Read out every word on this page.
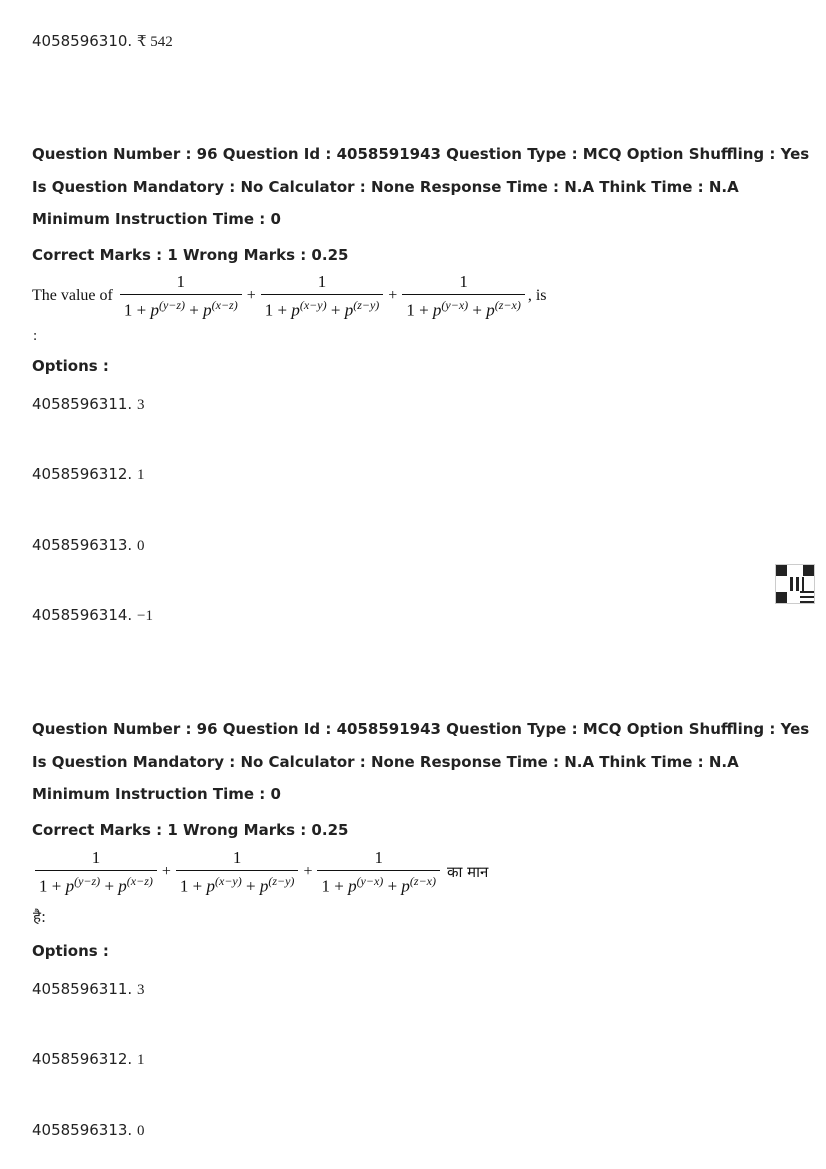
4058596310. ₹ 542
Question Number : 96 Question Id : 4058591943 Question Type : MCQ Option Shuffling : Yes Is Question Mandatory : No Calculator : None Response Time : N.A Think Time : N.A Minimum Instruction Time : 0
Correct Marks : 1 Wrong Marks : 0.25
The value of $\frac{1}{1 + p^{(y-z)} + p^{(x-z)}} + \frac{1}{1 + p^{(x-y)} + p^{(z-y)}} + \frac{1}{1 + p^{(y-x)} + p^{(z-x)}}$ , is
:
Options :
4058596311. 3
4058596312. 1
4058596313. 0
4058596314. −1
Question Number : 96 Question Id : 4058591943 Question Type : MCQ Option Shuffling : Yes Is Question Mandatory : No Calculator : None Response Time : N.A Think Time : N.A Minimum Instruction Time : 0
Correct Marks : 1 Wrong Marks : 0.25
$\frac{1}{1 + p^{(y-z)} + p^{(x-z)}} + \frac{1}{1 + p^{(x-y)} + p^{(z-y)}} + \frac{1}{1 + p^{(y-x)} + p^{(z-x)}}$ का मान
है:
Options :
4058596311. 3
4058596312. 1
4058596313. 0
